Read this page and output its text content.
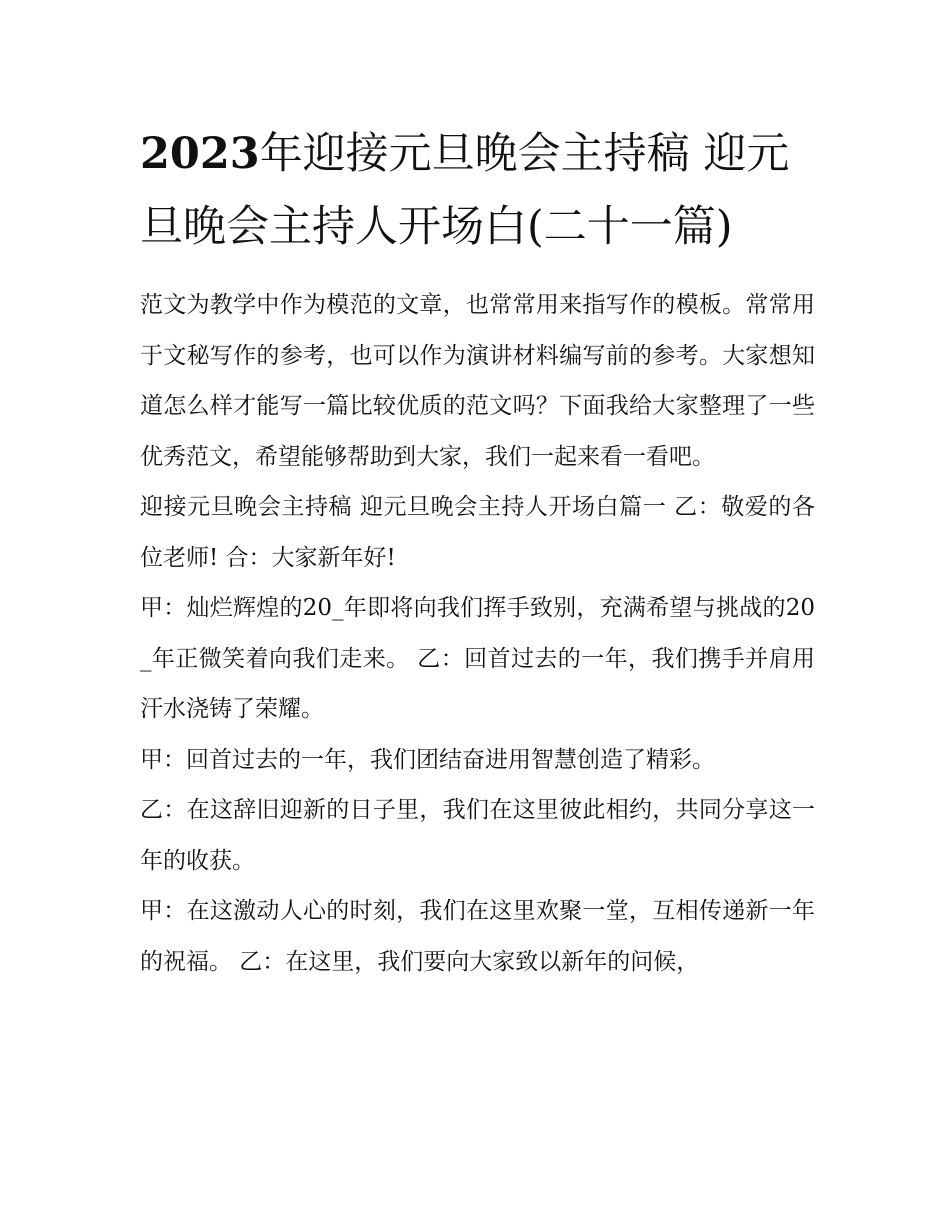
2023年迎接元旦晚会主持稿 迎元旦晚会主持人开场白(二十一篇)

范文为教学中作为模范的文章，也常常用来指写作的模板。常常用于文秘写作的参考，也可以作为演讲材料编写前的参考。大家想知道怎么样才能写一篇比较优质的范文吗？下面我给大家整理了一些优秀范文，希望能够帮助到大家，我们一起来看一看吧。

迎接元旦晚会主持稿 迎元旦晚会主持人开场白篇一 乙：敬爱的各位老师! 合：大家新年好!

甲：灿烂辉煌的20_年即将向我们挥手致别，充满希望与挑战的20_年正微笑着向我们走来。 乙：回首过去的一年，我们携手并肩用汗水浇铸了荣耀。

甲：回首过去的一年，我们团结奋进用智慧创造了精彩。

乙：在这辞旧迎新的日子里，我们在这里彼此相约，共同分享这一年的收获。

甲：在这激动人心的时刻，我们在这里欢聚一堂，互相传递新一年的祝福。 乙：在这里，我们要向大家致以新年的问候，
